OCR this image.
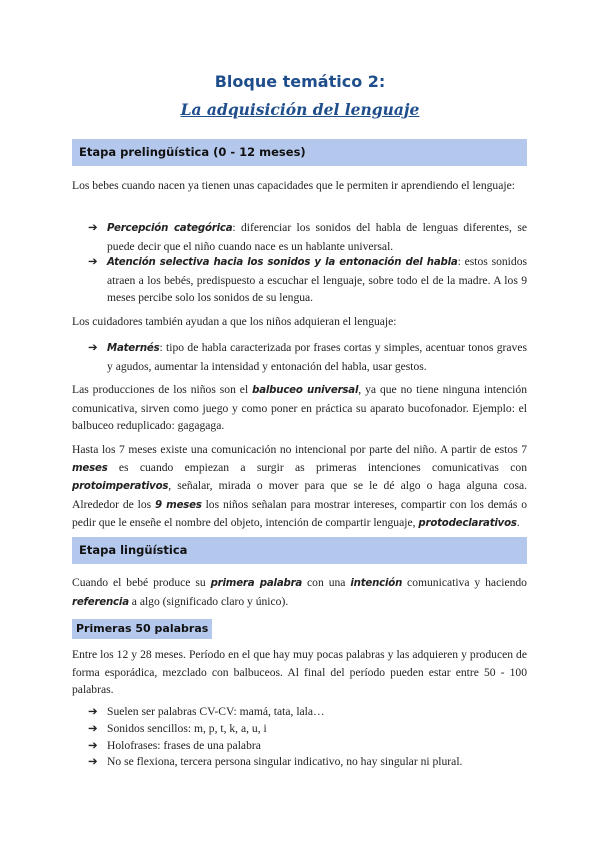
Bloque temático 2:
La adquisición del lenguaje
Etapa prelingüística (0 - 12 meses)

Los bebes cuando nacen ya tienen unas capacidades que le permiten ir aprendiendo el lenguaje:

➔ Percepción categórica: diferenciar los sonidos del habla de lenguas diferentes, se puede decir que el niño cuando nace es un hablante universal.
➔ Atención selectiva hacia los sonidos y la entonación del habla: estos sonidos atraen a los bebés, predispuesto a escuchar el lenguaje, sobre todo el de la madre. A los 9 meses percibe solo los sonidos de su lengua.

Los cuidadores también ayudan a que los niños adquieran el lenguaje:

➔ Maternés: tipo de habla caracterizada por frases cortas y simples, acentuar tonos graves y agudos, aumentar la intensidad y entonación del habla, usar gestos.

Las producciones de los niños son el balbuceo universal, ya que no tiene ninguna intención comunicativa, sirven como juego y como poner en práctica su aparato bucofonador. Ejemplo: el balbuceo reduplicado: gagagaga.

Hasta los 7 meses existe una comunicación no intencional por parte del niño. A partir de estos 7 meses es cuando empiezan a surgir as primeras intenciones comunicativas con protoimperativos, señalar, mirada o mover para que se le dé algo o haga alguna cosa. Alrededor de los 9 meses los niños señalan para mostrar intereses, compartir con los demás o pedir que le enseñe el nombre del objeto, intención de compartir lenguaje, protodeclarativos.

Etapa lingüística

Cuando el bebé produce su primera palabra con una intención comunicativa y haciendo referencia a algo (significado claro y único).

Primeras 50 palabras

Entre los 12 y 28 meses. Período en el que hay muy pocas palabras y las adquieren y producen de forma esporádica, mezclado con balbuceos. Al final del período pueden estar entre 50 - 100 palabras.

➔ Suelen ser palabras CV-CV: mamá, tata, lala…
➔ Sonidos sencillos: m, p, t, k, a, u, i
➔ Holofrases: frases de una palabra
➔ No se flexiona, tercera persona singular indicativo, no hay singular ni plural.
